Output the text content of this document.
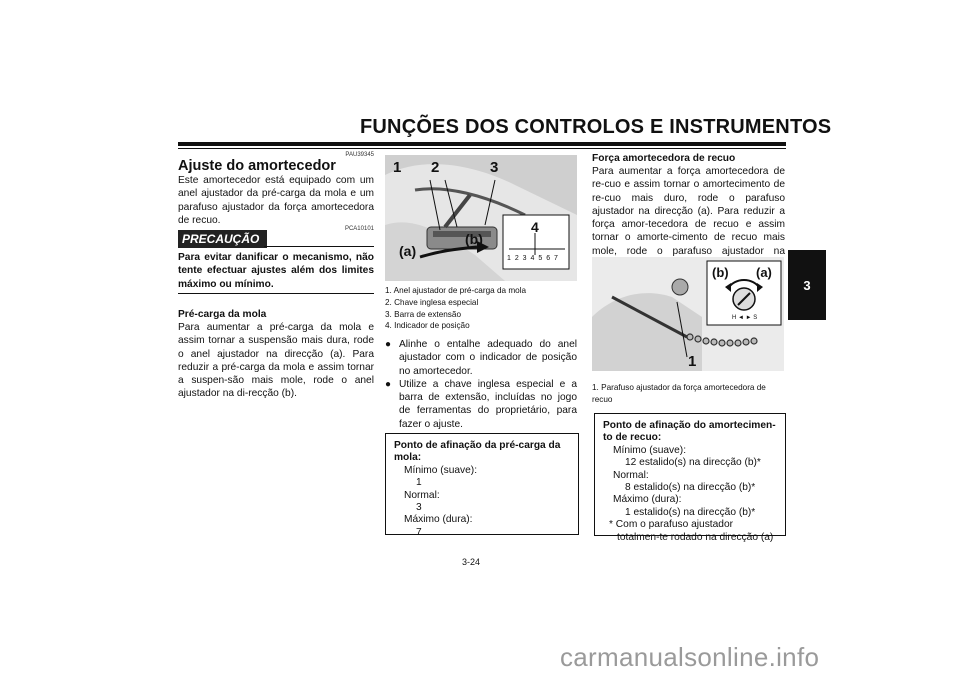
FUNÇÕES DOS CONTROLOS E INSTRUMENTOS
3
PAU39345
Ajuste do amortecedor
Este amortecedor está equipado com um anel ajustador da pré-carga da mola e um parafuso ajustador da força amortecedora de recuo.
PRECAUÇÃO
PCA10101
Para evitar danificar o mecanismo, não tente efectuar ajustes além dos limites máximo ou mínimo.
Pré-carga da mola
Para aumentar a pré-carga da mola e assim tornar a suspensão mais dura, rode o anel ajustador na direcção (a). Para reduzir a pré-carga da mola e assim tornar a suspen-são mais mole, rode o anel ajustador na di-recção (b).
1 2	3
4
(a)
(b)
1 2 3 4 5 6 7
1. Anel ajustador de pré-carga da mola
2. Chave inglesa especial
3. Barra de extensão
4. Indicador de posição
● Alinhe o entalhe adequado do anel ajustador com o indicador de posição no amortecedor.
● Utilize a chave inglesa especial e a barra de extensão, incluídas no jogo de ferramentas do proprietário, para fazer o ajuste.
Ponto de afinação da pré-carga da mola:
Mínimo (suave):
1
Normal:
3
Máximo (dura):
7
Força amortecedora de recuo
Para aumentar a força amortecedora de re-cuo e assim tornar o amortecimento de re-cuo mais duro, rode o parafuso ajustador na direcção (a). Para reduzir a força amor-tecedora de recuo e assim tornar o amorte-cimento de recuo mais mole, rode o parafuso ajustador na
(b) (a)
H ◄ ► S
1
1. Parafuso ajustador da força amortecedora de recuo
Ponto de afinação do amortecimen-to de recuo:
Mínimo (suave):
12 estalido(s) na direcção (b)*
Normal:
8 estalido(s) na direcção (b)*
Máximo (dura):
1 estalido(s) na direcção (b)*
* Com o parafuso ajustador totalmen-te rodado na direcção (a)
3-24
carmanualsonline.info
